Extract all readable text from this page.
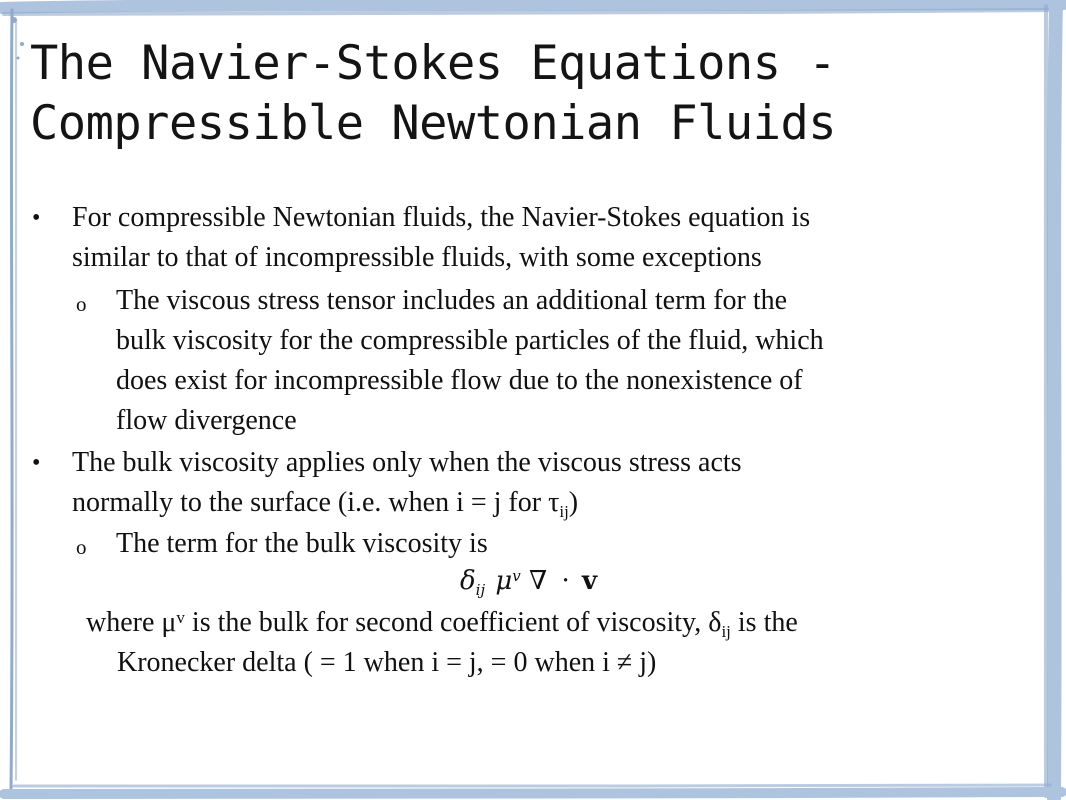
The Navier-Stokes Equations -
Compressible Newtonian Fluids
• For compressible Newtonian fluids, the Navier-Stokes equation is
similar to that of incompressible fluids, with some exceptions
o The viscous stress tensor includes an additional term for the
bulk viscosity for the compressible particles of the fluid, which
does exist for incompressible flow due to the nonexistence of
flow divergence
• The bulk viscosity applies only when the viscous stress acts
normally to the surface (i.e. when i = j for $\tau_{ij}$)
o The term for the bulk viscosity is
$\delta_{ij}$ $\mu^v$ ∇ · v
where $\mu^v$ is the bulk for second coefficient of viscosity, $\delta_{ij}$ is the
Kronecker delta ( = 1 when i = j, = 0 when i ≠ j)
